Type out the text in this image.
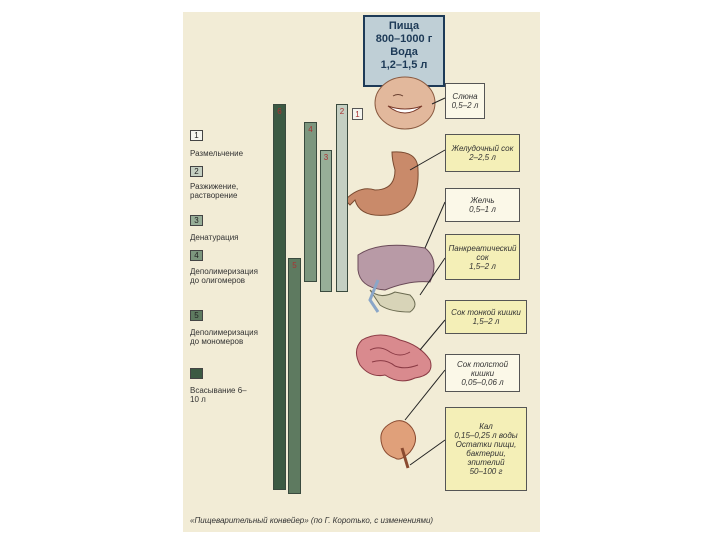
Пища
800–1000 г
Вода
1,2–1,5 л
6
5
4
3
2	1
1
Размельчение
2
Разжижение, растворение
3
Денатурация
4
Деполимеризация до олигомеров
5
Деполимеризация до мономеров
6
Всасывание 6–10 л
Слюна
0,5–2 л
Желудочный сок
2–2,5 л
Желчь
0,5–1 л
Панкреатический сок
1,5–2 л
Сок тонкой кишки
1,5–2 л
Сок толстой кишки
0,05–0,06 л
Кал
0,15–0,25 л воды
Остатки пищи, бактерии, эпителий
50–100 г
«Пищеварительный конвейер» (по Г. Коротько, с изменениями)
